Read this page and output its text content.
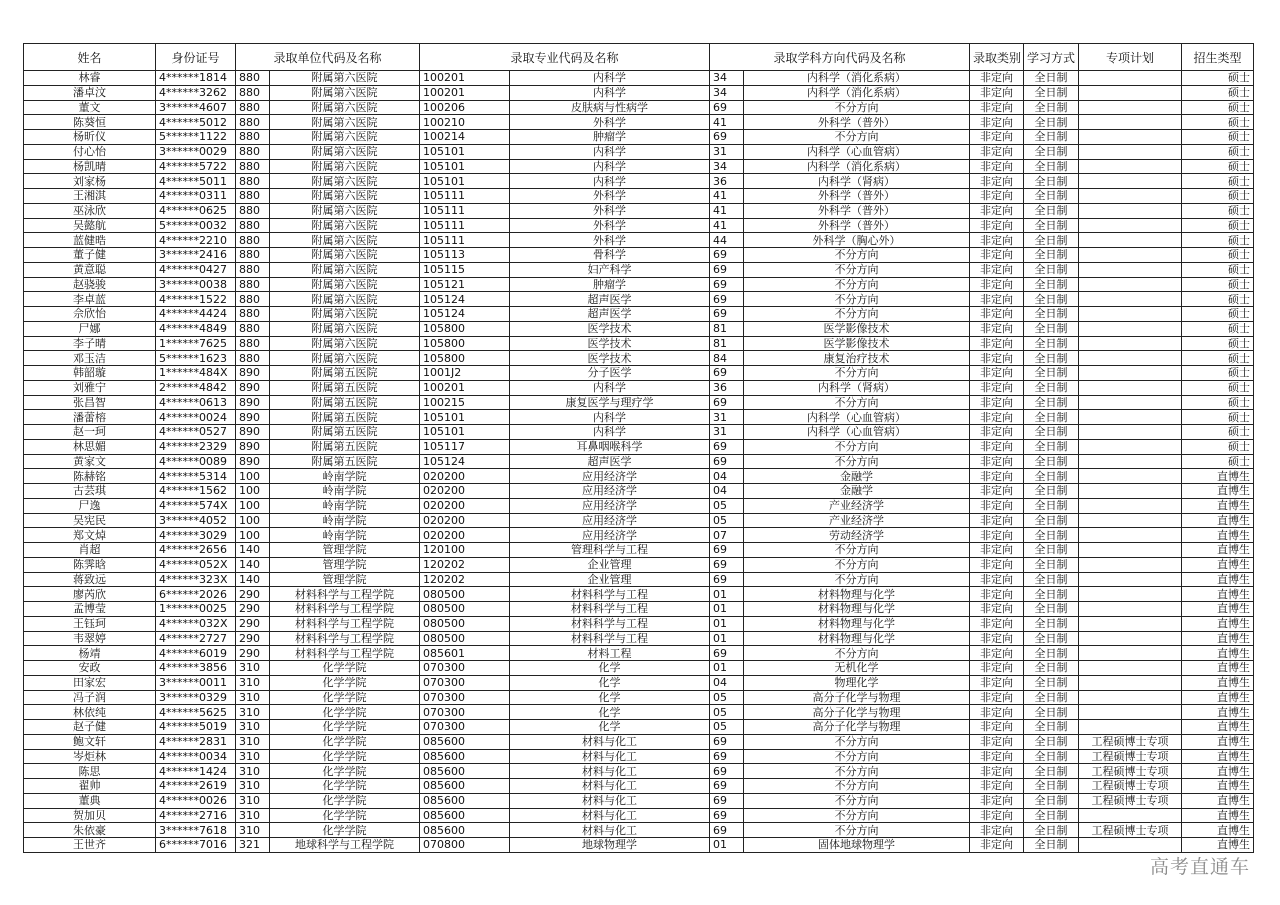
姓名	身份证号	录取单位代码及名称		录取专业代码及名称		录取学科方向代码及名称		录取类别	学习方式	专项计划	招生类型
林睿	4******1814	880	附属第六医院	100201	内科学	34	内科学（消化系病）	非定向	全日制		硕士
潘卓汶	4******3262	880	附属第六医院	100201	内科学	34	内科学（消化系病）	非定向	全日制		硕士
董文	3******4607	880	附属第六医院	100206	皮肤病与性病学	69	不分方向	非定向	全日制		硕士
陈葵恒	4******5012	880	附属第六医院	100210	外科学	41	外科学（普外）	非定向	全日制		硕士
杨昕仪	5******1122	880	附属第六医院	100214	肿瘤学	69	不分方向	非定向	全日制		硕士
付心怡	3******0029	880	附属第六医院	105101	内科学	31	内科学（心血管病）	非定向	全日制		硕士
杨凯晴	4******5722	880	附属第六医院	105101	内科学	34	内科学（消化系病）	非定向	全日制		硕士
刘家杨	4******5011	880	附属第六医院	105101	内科学	36	内科学（肾病）	非定向	全日制		硕士
王湘淇	4******0311	880	附属第六医院	105111	外科学	41	外科学（普外）	非定向	全日制		硕士
巫泳欣	4******0625	880	附属第六医院	105111	外科学	41	外科学（普外）	非定向	全日制		硕士
吴懿航	5******0032	880	附属第六医院	105111	外科学	41	外科学（普外）	非定向	全日制		硕士
蓝健晧	4******2210	880	附属第六医院	105111	外科学	44	外科学（胸心外）	非定向	全日制		硕士
董子健	3******2416	880	附属第六医院	105113	骨科学	69	不分方向	非定向	全日制		硕士
黄意聪	4******0427	880	附属第六医院	105115	妇产科学	69	不分方向	非定向	全日制		硕士
赵骁骏	3******0038	880	附属第六医院	105121	肿瘤学	69	不分方向	非定向	全日制		硕士
李卓蓝	4******1522	880	附属第六医院	105124	超声医学	69	不分方向	非定向	全日制		硕士
佘欣怡	4******4424	880	附属第六医院	105124	超声医学	69	不分方向	非定向	全日制		硕士
尸娜	4******4849	880	附属第六医院	105800	医学技术	81	医学影像技术	非定向	全日制		硕士
李子晴	1******7625	880	附属第六医院	105800	医学技术	81	医学影像技术	非定向	全日制		硕士
邓玉洁	5******1623	880	附属第六医院	105800	医学技术	84	康复治疗技术	非定向	全日制		硕士
韩韶璇	1******484X	890	附属第五医院	1001J2	分子医学	69	不分方向	非定向	全日制		硕士
刘雅宁	2******4842	890	附属第五医院	100201	内科学	36	内科学（肾病）	非定向	全日制		硕士
张昌智	4******0613	890	附属第五医院	100215	康复医学与理疗学	69	不分方向	非定向	全日制		硕士
潘蕾榕	4******0024	890	附属第五医院	105101	内科学	31	内科学（心血管病）	非定向	全日制		硕士
赵一珂	4******0527	890	附属第五医院	105101	内科学	31	内科学（心血管病）	非定向	全日制		硕士
林思媚	4******2329	890	附属第五医院	105117	耳鼻咽喉科学	69	不分方向	非定向	全日制		硕士
黄家文	4******0089	890	附属第五医院	105124	超声医学	69	不分方向	非定向	全日制		硕士
陈赫铭	4******5314	100	岭南学院	020200	应用经济学	04	金融学	非定向	全日制		直博生
古芸琪	4******1562	100	岭南学院	020200	应用经济学	04	金融学	非定向	全日制		直博生
尸逸	4******574X	100	岭南学院	020200	应用经济学	05	产业经济学	非定向	全日制		直博生
吴宪民	3******4052	100	岭南学院	020200	应用经济学	05	产业经济学	非定向	全日制		直博生
郑文焯	4******3029	100	岭南学院	020200	应用经济学	07	劳动经济学	非定向	全日制		直博生
肖超	4******2656	140	管理学院	120100	管理科学与工程	69	不分方向	非定向	全日制		直博生
陈霁晗	4******052X	140	管理学院	120202	企业管理	69	不分方向	非定向	全日制		直博生
蒋致远	4******323X	140	管理学院	120202	企业管理	69	不分方向	非定向	全日制		直博生
廖芮欣	6******2026	290	材料科学与工程学院	080500	材料科学与工程	01	材料物理与化学	非定向	全日制		直博生
孟博莹	1******0025	290	材料科学与工程学院	080500	材料科学与工程	01	材料物理与化学	非定向	全日制		直博生
王钰珂	4******032X	290	材料科学与工程学院	080500	材料科学与工程	01	材料物理与化学	非定向	全日制		直博生
韦翠婷	4******2727	290	材料科学与工程学院	080500	材料科学与工程	01	材料物理与化学	非定向	全日制		直博生
杨靖	4******6019	290	材料科学与工程学院	085601	材料工程	69	不分方向	非定向	全日制		直博生
安政	4******3856	310	化学学院	070300	化学	01	无机化学	非定向	全日制		直博生
田家宏	3******0011	310	化学学院	070300	化学	04	物理化学	非定向	全日制		直博生
冯子润	3******0329	310	化学学院	070300	化学	05	高分子化学与物理	非定向	全日制		直博生
林依纯	4******5625	310	化学学院	070300	化学	05	高分子化学与物理	非定向	全日制		直博生
赵子健	4******5019	310	化学学院	070300	化学	05	高分子化学与物理	非定向	全日制		直博生
鲍文轩	4******2831	310	化学学院	085600	材料与化工	69	不分方向	非定向	全日制	工程硕博士专项	直博生
岑炬林	4******0034	310	化学学院	085600	材料与化工	69	不分方向	非定向	全日制	工程硕博士专项	直博生
陈思	4******1424	310	化学学院	085600	材料与化工	69	不分方向	非定向	全日制	工程硕博士专项	直博生
翟帅	4******2619	310	化学学院	085600	材料与化工	69	不分方向	非定向	全日制	工程硕博士专项	直博生
董典	4******0026	310	化学学院	085600	材料与化工	69	不分方向	非定向	全日制	工程硕博士专项	直博生
贺加贝	4******2716	310	化学学院	085600	材料与化工	69	不分方向	非定向	全日制		直博生
朱依豪	3******7618	310	化学学院	085600	材料与化工	69	不分方向	非定向	全日制	工程硕博士专项	直博生
王世齐	6******7016	321	地球科学与工程学院	070800	地球物理学	01	固体地球物理学	非定向	全日制		直博生
高考直通车
